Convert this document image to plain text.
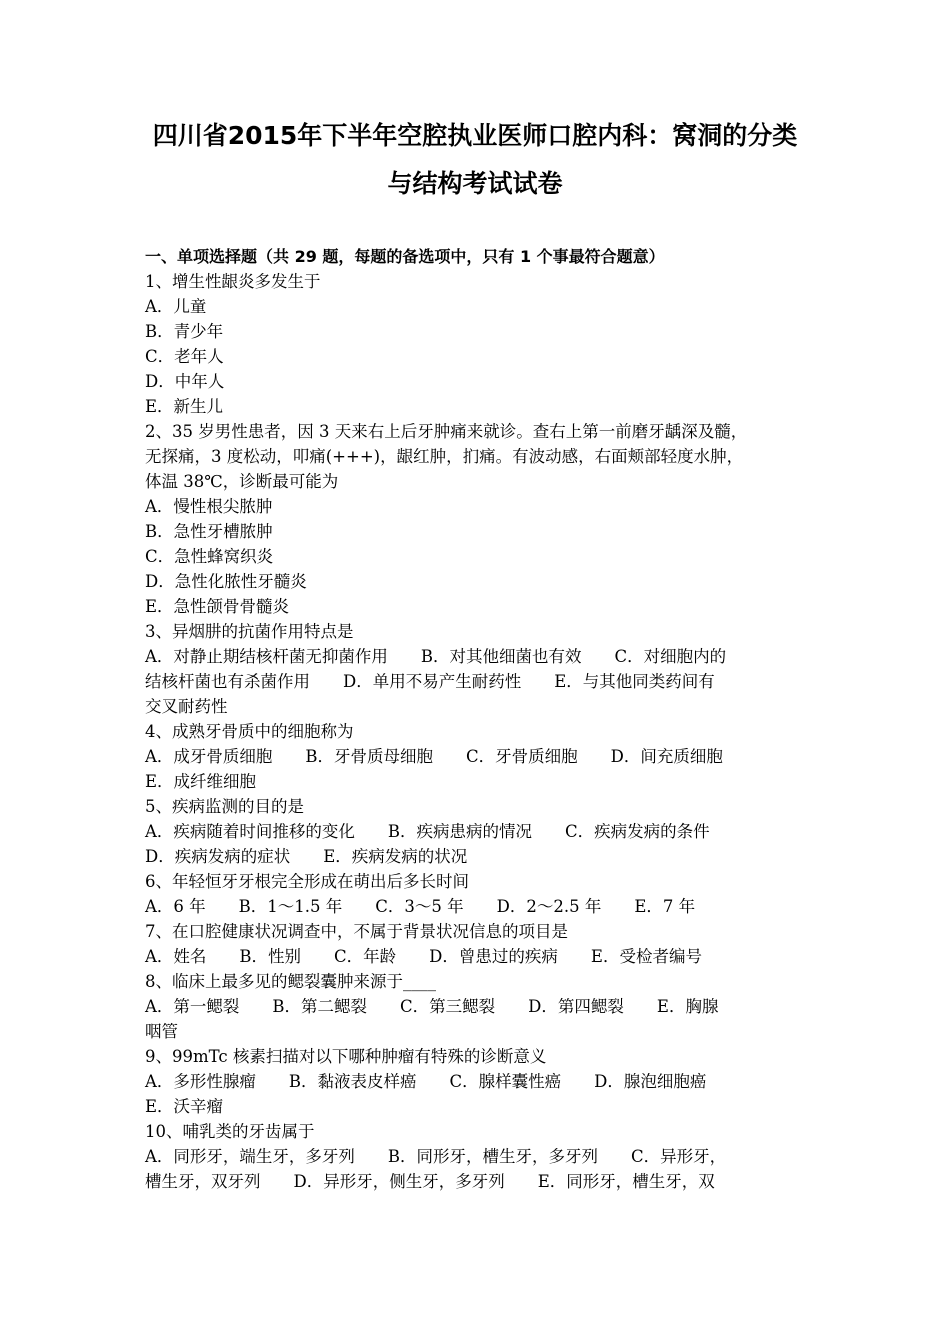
四川省2015年下半年空腔执业医师口腔内科：窝洞的分类
与结构考试试卷
一、单项选择题（共 29 题，每题的备选项中，只有 1 个事最符合题意）
1、增生性龈炎多发生于
A．儿童
B．青少年
C．老年人
D．中年人
E．新生儿
2、35 岁男性患者，因 3 天来右上后牙肿痛来就诊。查右上第一前磨牙龋深及髓，
无探痛，3 度松动，叩痛(+++)，龈红肿，扪痛。有波动感，右面颊部轻度水肿，
体温 38℃，诊断最可能为
A．慢性根尖脓肿
B．急性牙槽脓肿
C．急性蜂窝织炎
D．急性化脓性牙髓炎
E．急性颌骨骨髓炎
3、异烟肼的抗菌作用特点是
A．对静止期结核杆菌无抑菌作用　　B．对其他细菌也有效　　C．对细胞内的
结核杆菌也有杀菌作用　　D．单用不易产生耐药性　　E．与其他同类药间有
交叉耐药性
4、成熟牙骨质中的细胞称为
A．成牙骨质细胞　　B．牙骨质母细胞　　C．牙骨质细胞　　D．间充质细胞
E．成纤维细胞
5、疾病监测的目的是
A．疾病随着时间推移的变化　　B．疾病患病的情况　　C．疾病发病的条件
D．疾病发病的症状　　E．疾病发病的状况
6、年轻恒牙牙根完全形成在萌出后多长时间
A．6 年　　B．1～1.5 年　　C．3～5 年　　D．2～2.5 年　　E．7 年
7、在口腔健康状况调查中，不属于背景状况信息的项目是
A．姓名　　B．性别　　C．年龄　　D．曾患过的疾病　　E．受检者编号
8、临床上最多见的鳃裂囊肿来源于____
A．第一鳃裂　　B．第二鳃裂　　C．第三鳃裂　　D．第四鳃裂　　E．胸腺
咽管
9、99mTc 核素扫描对以下哪种肿瘤有特殊的诊断意义
A．多形性腺瘤　　B．黏液表皮样癌　　C．腺样囊性癌　　D．腺泡细胞癌
E．沃辛瘤
10、哺乳类的牙齿属于
A．同形牙，端生牙，多牙列　　B．同形牙，槽生牙，多牙列　　C．异形牙，
槽生牙，双牙列　　D．异形牙，侧生牙，多牙列　　E．同形牙，槽生牙，双
